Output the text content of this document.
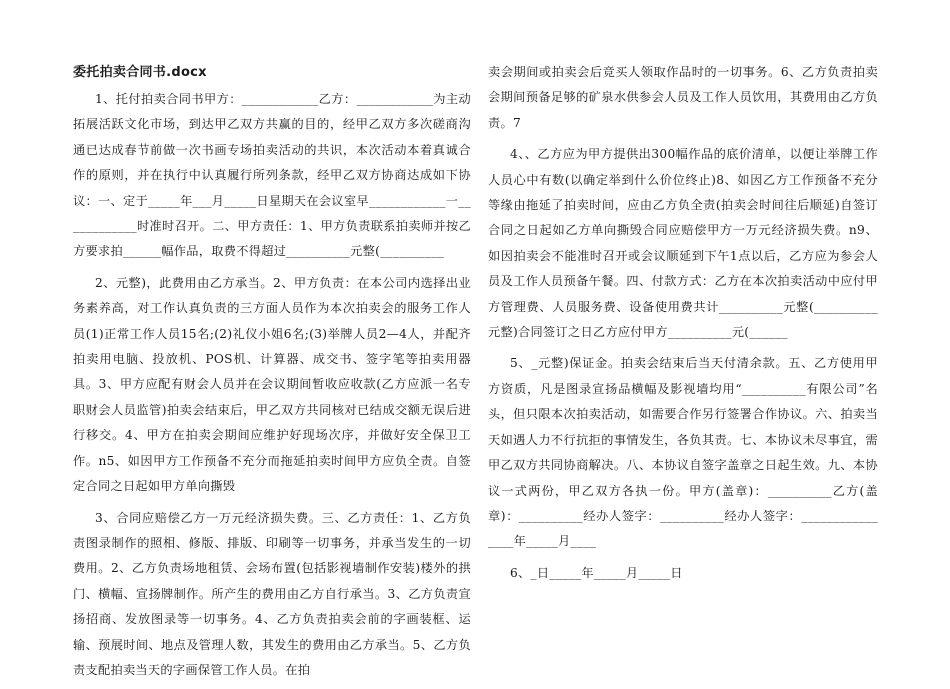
委托拍卖合同书.docx

1、托付拍卖合同书甲方：____________乙方：____________为主动拓展活跃文化市场，到达甲乙双方共赢的目的，经甲乙双方多次磋商沟通已达成春节前做一次书画专场拍卖活动的共识，本次活动本着真诚合作的原则，并在执行中认真履行所列条款，经甲乙双方协商达成如下协议：一、定于_____年___月_____日星期天在会议室早____________一____________时准时召开。二、甲方责任：1、甲方负责联系拍卖师并按乙方要求拍______幅作品，取费不得超过__________元整(__________

2、元整)，此费用由乙方承当。2、甲方负责：在本公司内选择出业务素养高，对工作认真负责的三方面人员作为本次拍卖会的服务工作人员(1)正常工作人员15名;(2)礼仪小姐6名;(3)举牌人员2—4人，并配齐拍卖用电脑、投放机、POS机、计算器、成交书、签字笔等拍卖用器具。3、甲方应配有财会人员并在会议期间暂收应收款(乙方应派一名专职财会人员监管)拍卖会结束后，甲乙双方共同核对已结成交额无误后进行移交。4、甲方在拍卖会期间应维护好现场次序，并做好安全保卫工作。n5、如因甲方工作预备不充分而拖延拍卖时间甲方应负全责。自签定合同之日起如甲方单向撕毁

3、合同应赔偿乙方一万元经济损失费。三、乙方责任：1、乙方负责图录制作的照相、修版、排版、印刷等一切事务，并承当发生的一切费用。2、乙方负责场地租赁、会场布置(包括影视墙制作安装)楼外的拱门、横幅、宣扬牌制作。所产生的费用由乙方自行承当。3、乙方负责宣扬招商、发放图录等一切事务。4、乙方负责拍卖会前的字画装框、运输、预展时间、地点及管理人数，其发生的费用由乙方承当。5、乙方负责支配拍卖当天的字画保管工作人员。在拍

卖会期间或拍卖会后竞买人领取作品时的一切事务。6、乙方负责拍卖会期间预备足够的矿泉水供参会人员及工作人员饮用，其费用由乙方负责。7

4、、乙方应为甲方提供出300幅作品的底价清单，以便让举牌工作人员心中有数(以确定举到什么价位终止)8、如因乙方工作预备不充分等缘由拖延了拍卖时间，应由乙方负全责(拍卖会时间往后顺延)自签订合同之日起如乙方单向撕毁合同应赔偿甲方一万元经济损失费。n9、如因拍卖会不能准时召开或会议顺延到下午1点以后，乙方应为参会人员及工作人员预备午餐。四、付款方式：乙方在本次拍卖活动中应付甲方管理费、人员服务费、设备使用费共计__________元整(__________元整)合同签订之日乙方应付甲方__________元(______

5、_元整)保证金。拍卖会结束后当天付清余款。五、乙方使用甲方资质，凡是图录宣扬品横幅及影视墙均用“__________有限公司”名头，但只限本次拍卖活动，如需要合作另行签署合作协议。六、拍卖当天如遇人力不行抗拒的事情发生，各负其责。七、本协议未尽事宜，需甲乙双方共同协商解决。八、本协议自签字盖章之日起生效。九、本协议一式两份，甲乙双方各执一份。甲方(盖章)：__________乙方(盖章)：__________经办人签字：__________经办人签字：________________年_____月____

6、_日_____年_____月_____日
